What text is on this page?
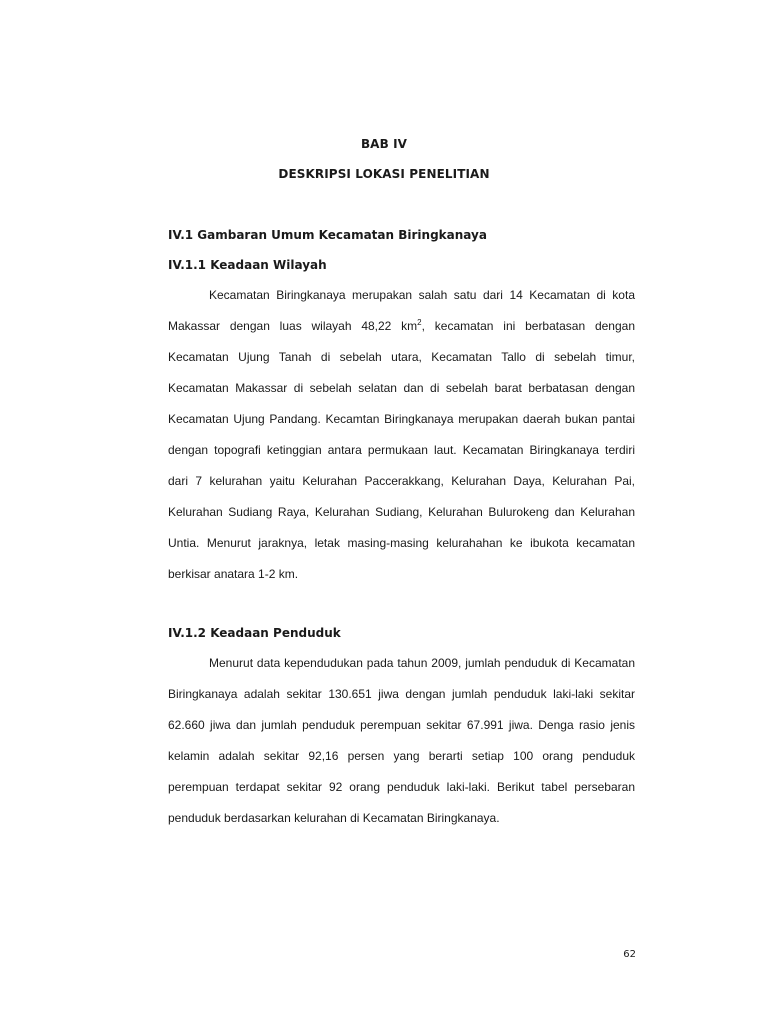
BAB IV
DESKRIPSI LOKASI PENELITIAN
IV.1 Gambaran Umum Kecamatan Biringkanaya
IV.1.1 Keadaan Wilayah

Kecamatan Biringkanaya merupakan salah satu dari 14 Kecamatan di kota Makassar dengan luas wilayah 48,22 $km^2$, kecamatan ini berbatasan dengan Kecamatan Ujung Tanah di sebelah utara, Kecamatan Tallo di sebelah timur, Kecamatan Makassar di sebelah selatan dan di sebelah barat berbatasan dengan Kecamatan Ujung Pandang. Kecamtan Biringkanaya merupakan daerah bukan pantai dengan topografi ketinggian antara permukaan laut. Kecamatan Biringkanaya terdiri dari 7 kelurahan yaitu Kelurahan Paccerakkang, Kelurahan Daya, Kelurahan Pai, Kelurahan Sudiang Raya, Kelurahan Sudiang, Kelurahan Bulurokeng dan Kelurahan Untia. Menurut jaraknya, letak masing-masing kelurahahan ke ibukota kecamatan berkisar anatara 1-2 km.

IV.1.2 Keadaan Penduduk

Menurut data kependudukan pada tahun 2009, jumlah penduduk di Kecamatan Biringkanaya adalah sekitar 130.651 jiwa dengan jumlah penduduk laki-laki sekitar 62.660 jiwa dan jumlah penduduk perempuan sekitar 67.991 jiwa. Denga rasio jenis kelamin adalah sekitar 92,16 persen yang berarti setiap 100 orang penduduk perempuan terdapat sekitar 92 orang penduduk laki-laki. Berikut tabel persebaran penduduk berdasarkan kelurahan di Kecamatan Biringkanaya.

62
